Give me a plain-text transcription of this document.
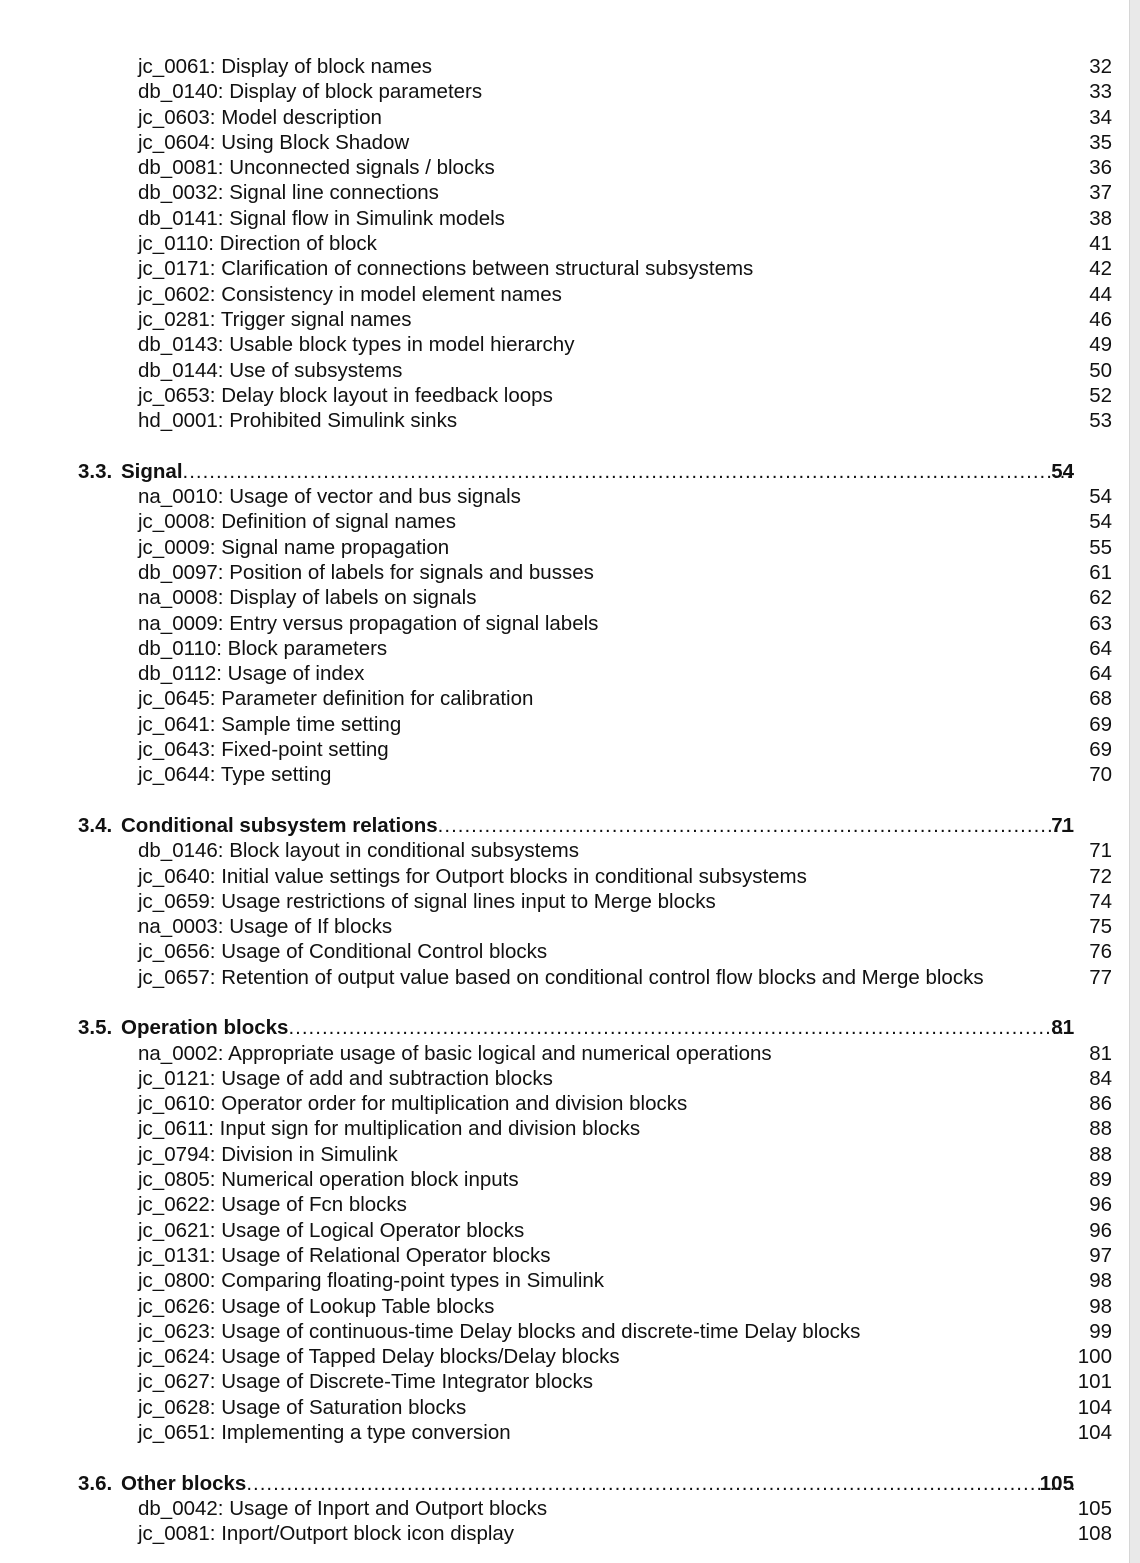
jc_0061: Display of block names	32
db_0140: Display of block parameters	33
jc_0603: Model description	34
jc_0604: Using Block Shadow	35
db_0081: Unconnected signals / blocks	36
db_0032: Signal line connections	37
db_0141: Signal flow in Simulink models	38
jc_0110: Direction of block	41
jc_0171: Clarification of connections between structural subsystems	42
jc_0602: Consistency in model element names	44
jc_0281: Trigger signal names	46
db_0143: Usable block types in model hierarchy	49
db_0144: Use of subsystems	50
jc_0653: Delay block layout in feedback loops	52
hd_0001: Prohibited Simulink sinks	53
3.3. Signal .....	54
na_0010: Usage of vector and bus signals	54
jc_0008: Definition of signal names	54
jc_0009: Signal name propagation	55
db_0097: Position of labels for signals and busses	61
na_0008: Display of labels on signals	62
na_0009: Entry versus propagation of signal labels	63
db_0110: Block parameters	64
db_0112: Usage of index	64
jc_0645: Parameter definition for calibration	68
jc_0641: Sample time setting	69
jc_0643: Fixed-point setting	69
jc_0644: Type setting	70
3.4. Conditional subsystem relations .....	71
db_0146: Block layout in conditional subsystems	71
jc_0640: Initial value settings for Outport blocks in conditional subsystems	72
jc_0659: Usage restrictions of signal lines input to Merge blocks	74
na_0003: Usage of If blocks	75
jc_0656: Usage of Conditional Control blocks	76
jc_0657: Retention of output value based on conditional control flow blocks and Merge blocks	77
3.5. Operation blocks .....	81
na_0002: Appropriate usage of basic logical and numerical operations	81
jc_0121: Usage of add and subtraction blocks	84
jc_0610: Operator order for multiplication and division blocks	86
jc_0611: Input sign for multiplication and division blocks	88
jc_0794: Division in Simulink	88
jc_0805: Numerical operation block inputs	89
jc_0622: Usage of Fcn blocks	96
jc_0621: Usage of Logical Operator blocks	96
jc_0131: Usage of Relational Operator blocks	97
jc_0800: Comparing floating-point types in Simulink	98
jc_0626: Usage of Lookup Table blocks	98
jc_0623: Usage of continuous-time Delay blocks and discrete-time Delay blocks	99
jc_0624: Usage of Tapped Delay blocks/Delay blocks	100
jc_0627: Usage of Discrete-Time Integrator blocks	101
jc_0628: Usage of Saturation blocks	104
jc_0651: Implementing a type conversion	104
3.6. Other blocks .....	105
db_0042: Usage of Inport and Outport blocks	105
jc_0081: Inport/Outport block icon display	108
